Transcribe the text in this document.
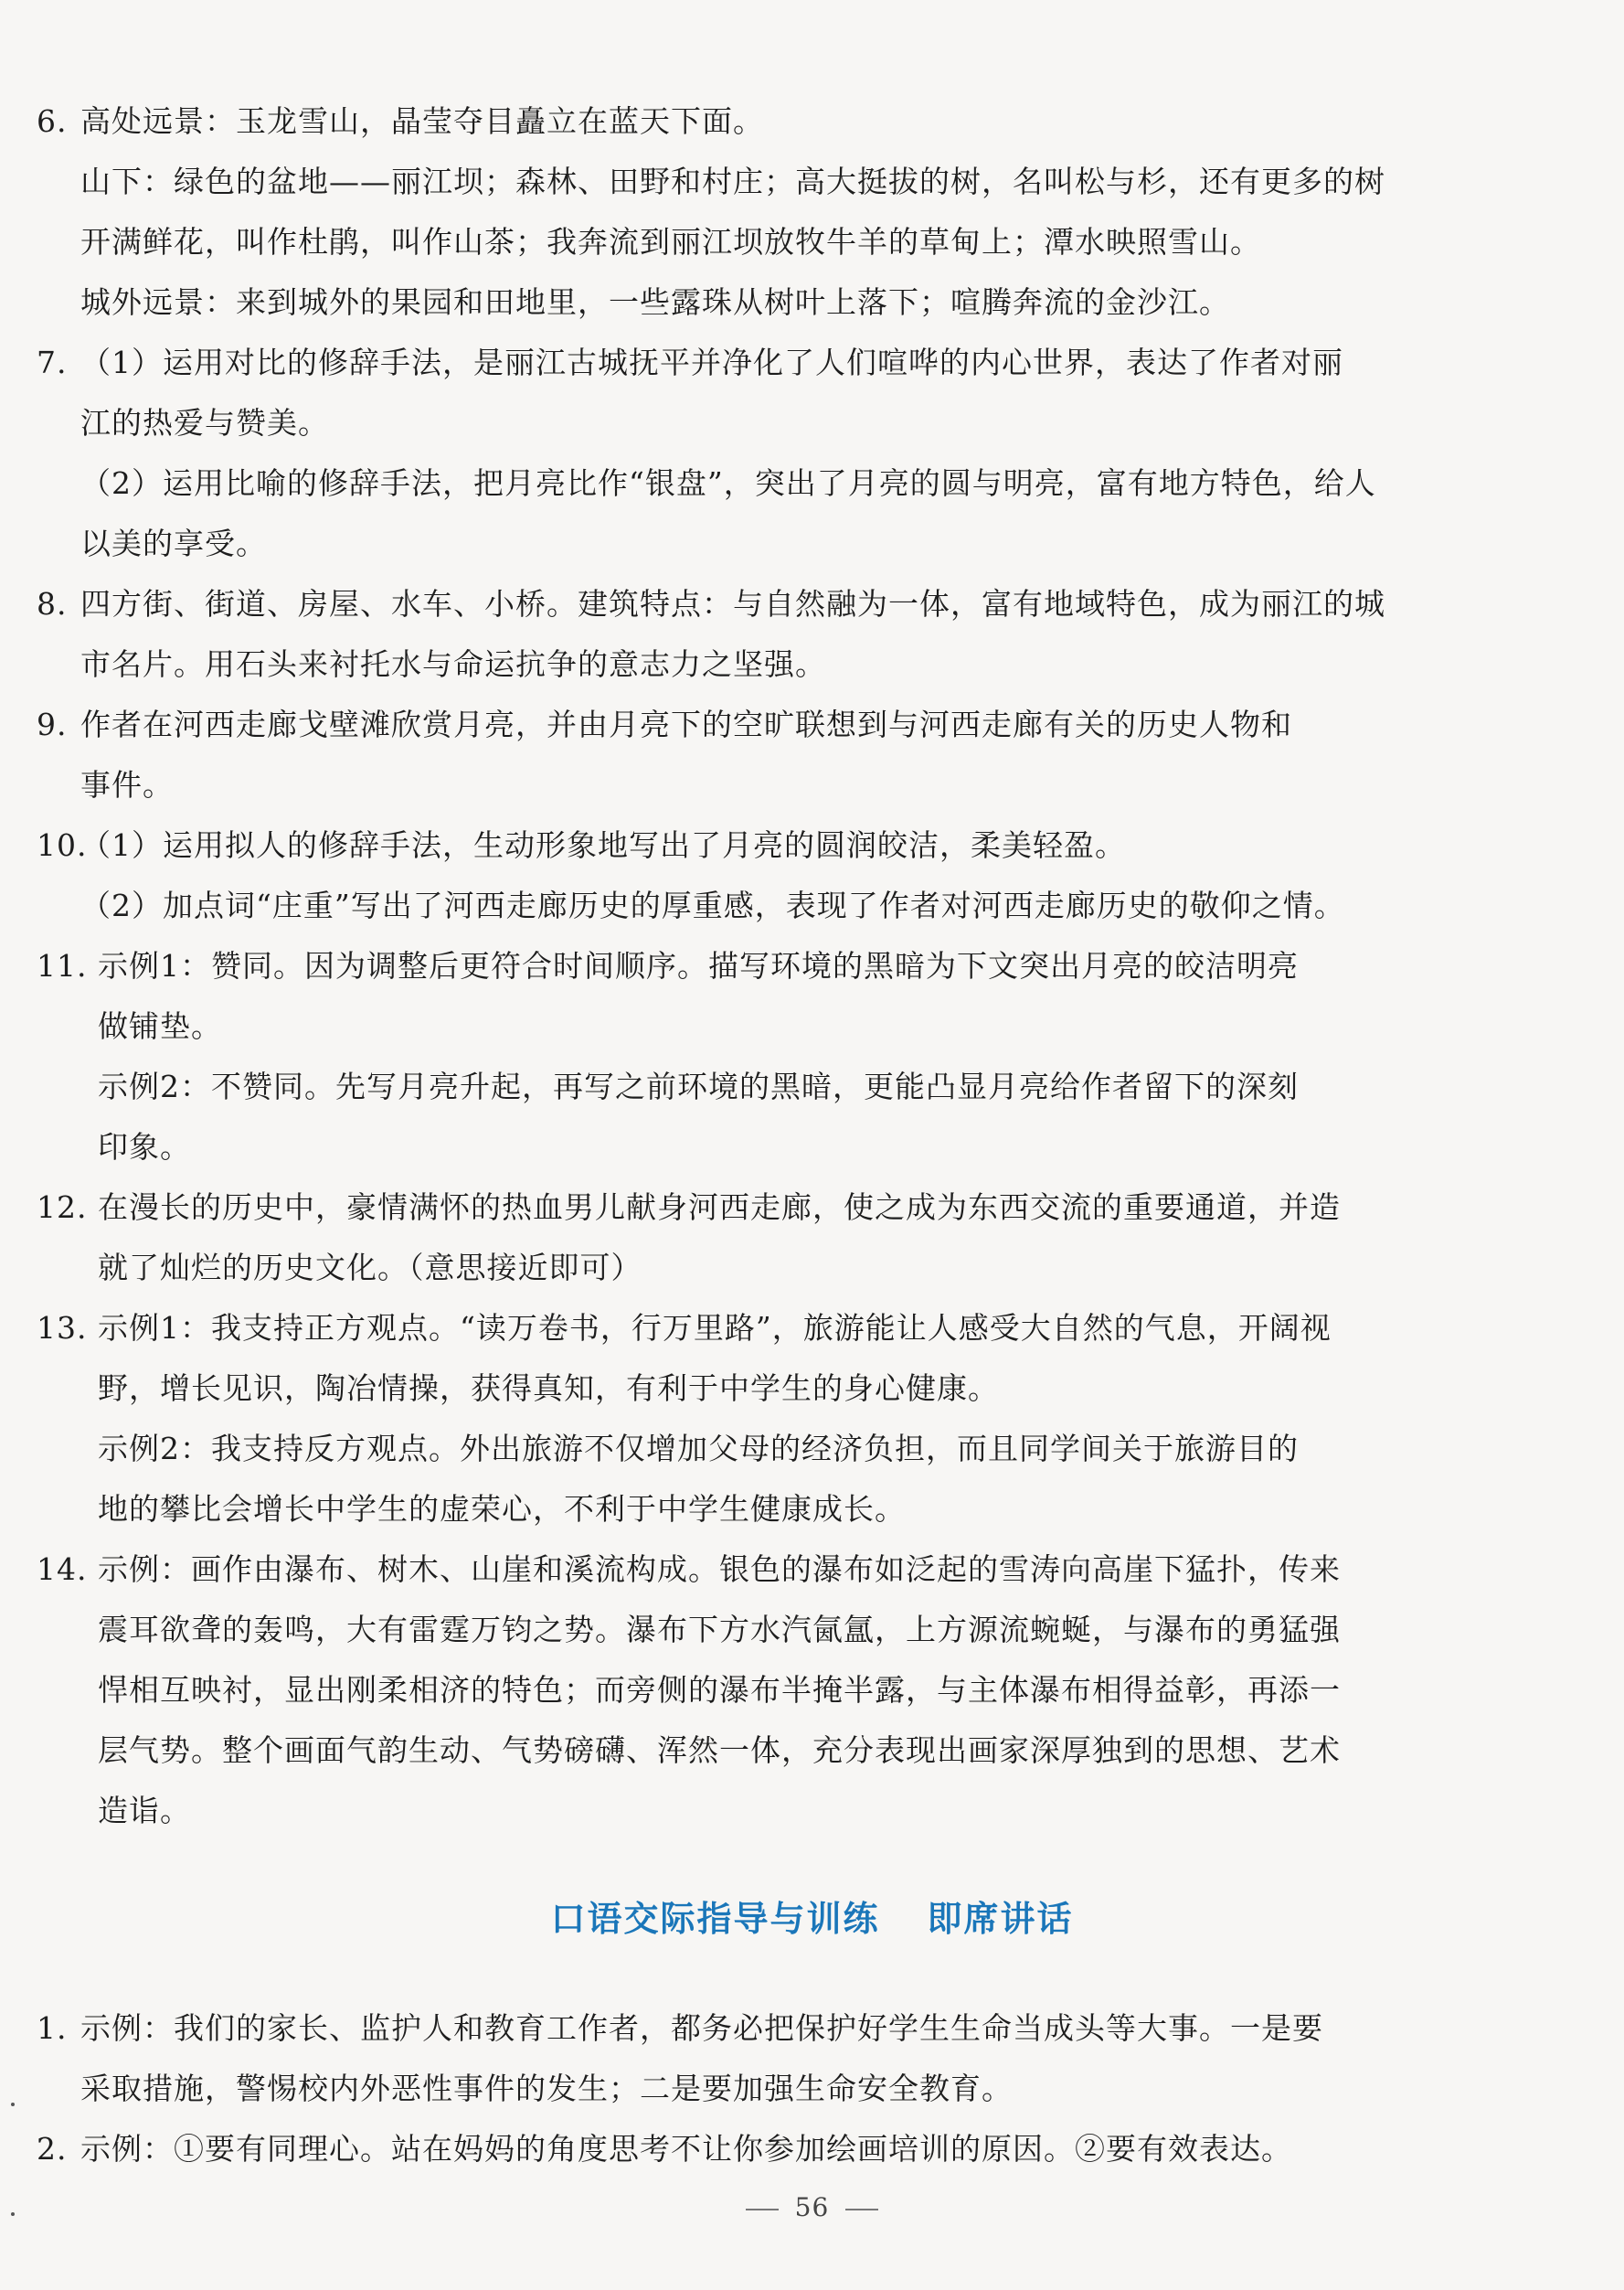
6. 高处远景：玉龙雪山，晶莹夺目矗立在蓝天下面。
山下：绿色的盆地——丽江坝；森林、田野和村庄；高大挺拔的树，名叫松与杉，还有更多的树
开满鲜花，叫作杜鹃，叫作山茶；我奔流到丽江坝放牧牛羊的草甸上；潭水映照雪山。
城外远景：来到城外的果园和田地里，一些露珠从树叶上落下；喧腾奔流的金沙江。
7. （1）运用对比的修辞手法，是丽江古城抚平并净化了人们喧哗的内心世界，表达了作者对丽
江的热爱与赞美。
（2）运用比喻的修辞手法，把月亮比作“银盘”，突出了月亮的圆与明亮，富有地方特色，给人
以美的享受。
8. 四方街、街道、房屋、水车、小桥。建筑特点：与自然融为一体，富有地域特色，成为丽江的城
市名片。用石头来衬托水与命运抗争的意志力之坚强。
9. 作者在河西走廊戈壁滩欣赏月亮，并由月亮下的空旷联想到与河西走廊有关的历史人物和
事件。
10.
（1）运用拟人的修辞手法，生动形象地写出了月亮的圆润皎洁，柔美轻盈。
（2）加点词“庄重”写出了河西走廊历史的厚重感，表现了作者对河西走廊历史的敬仰之情。
11. 示例1：赞同。因为调整后更符合时间顺序。描写环境的黑暗为下文突出月亮的皎洁明亮
做铺垫。
示例2：不赞同。先写月亮升起，再写之前环境的黑暗，更能凸显月亮给作者留下的深刻
印象。
12. 在漫长的历史中，豪情满怀的热血男儿献身河西走廊，使之成为东西交流的重要通道，并造
就了灿烂的历史文化。（意思接近即可）
13. 示例1：我支持正方观点。“读万卷书，行万里路”，旅游能让人感受大自然的气息，开阔视
野，增长见识，陶冶情操，获得真知，有利于中学生的身心健康。
示例2：我支持反方观点。外出旅游不仅增加父母的经济负担，而且同学间关于旅游目的
地的攀比会增长中学生的虚荣心，不利于中学生健康成长。
14. 示例：画作由瀑布、树木、山崖和溪流构成。银色的瀑布如泛起的雪涛向高崖下猛扑，传来
震耳欲聋的轰鸣，大有雷霆万钧之势。瀑布下方水汽氤氲，上方源流蜿蜒，与瀑布的勇猛强
悍相互映衬，显出刚柔相济的特色；而旁侧的瀑布半掩半露，与主体瀑布相得益彰，再添一
层气势。整个画面气韵生动、气势磅礴、浑然一体，充分表现出画家深厚独到的思想、艺术
造诣。
口语交际指导与训练 即席讲话
1. 示例：我们的家长、监护人和教育工作者，都务必把保护好学生生命当成头等大事。一是要
采取措施，警惕校内外恶性事件的发生；二是要加强生命安全教育。
2. 示例：①要有同理心。站在妈妈的角度思考不让你参加绘画培训的原因。②要有效表达。
56
